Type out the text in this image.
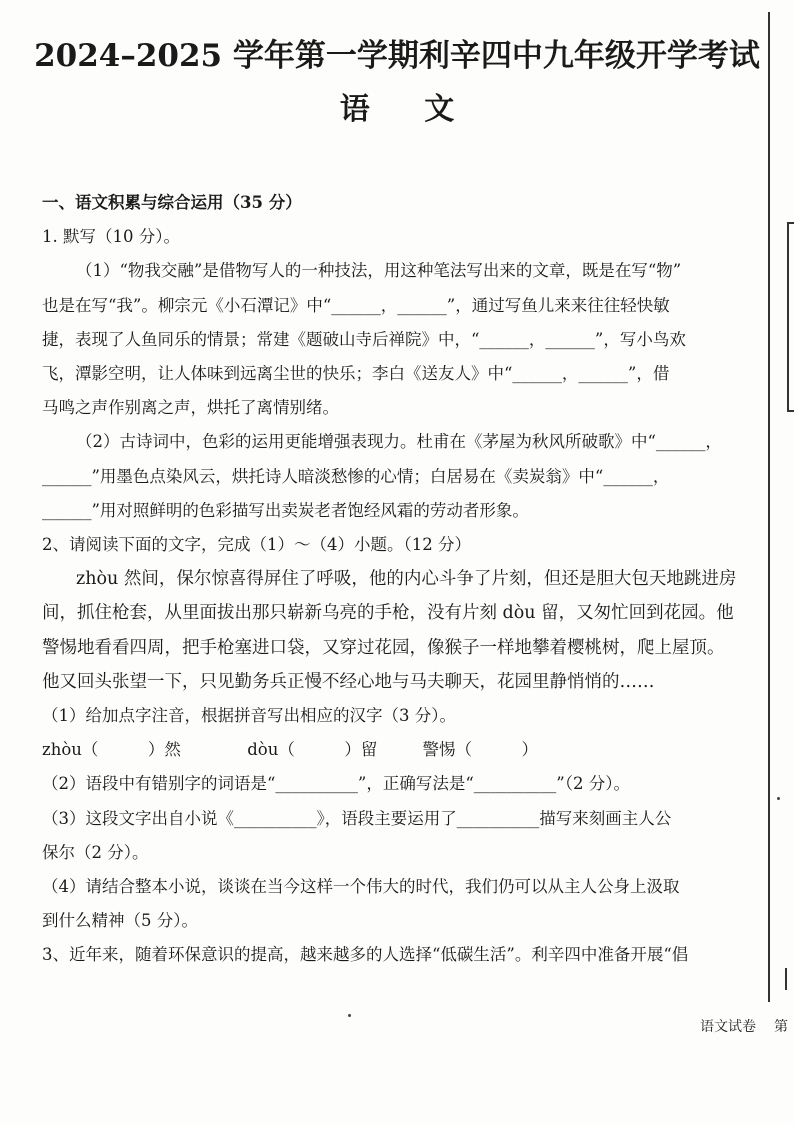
2024–2025 学年第一学期利辛四中九年级开学考试
语 文
一、语文积累与综合运用（35 分）
1. 默写（10 分）。
（1）“物我交融”是借物写人的一种技法，用这种笔法写出来的文章，既是在写“物”
也是在写“我”。柳宗元《小石潭记》中“______，______”，通过写鱼儿来来往往轻快敏
捷，表现了人鱼同乐的情景；常建《题破山寺后禅院》中，“______，______”，写小鸟欢
飞，潭影空明，让人体味到远离尘世的快乐；李白《送友人》中“______，______”，借
马鸣之声作别离之声，烘托了离情别绪。
（2）古诗词中，色彩的运用更能增强表现力。杜甫在《茅屋为秋风所破歌》中“______，
______”用墨色点染风云，烘托诗人暗淡愁惨的心情；白居易在《卖炭翁》中“______，
______”用对照鲜明的色彩描写出卖炭老者饱经风霜的劳动者形象。
2、请阅读下面的文字，完成（1）～（4）小题。（12 分）
zhòu 然间，保尔惊喜得屏住了呼吸，他的内心斗争了片刻，但还是胆大包天地跳进房
间，抓住枪套，从里面拔出那只崭新乌亮的手枪，没有片刻 dòu 留，又匆忙回到花园。他
警惕地看看四周，把手枪塞进口袋，又穿过花园，像猴子一样地攀着樱桃树，爬上屋顶。
他又回头张望一下，只见勤务兵正慢不经心地与马夫聊天，花园里静悄悄的……
（1）给加点字注音，根据拼音写出相应的汉字（3 分）。
zhòu（　　　）然	dòu（　　　）留	警惕（　　　）
（2）语段中有错别字的词语是“__________”，正确写法是“__________”（2 分）。
（3）这段文字出自小说《__________》，语段主要运用了__________描写来刻画主人公
保尔（2 分）。
（4）请结合整本小说，谈谈在当今这样一个伟大的时代，我们仍可以从主人公身上汲取
到什么精神（5 分）。
3、近年来，随着环保意识的提高，越来越多的人选择“低碳生活”。利辛四中准备开展“倡
语文试卷 第
